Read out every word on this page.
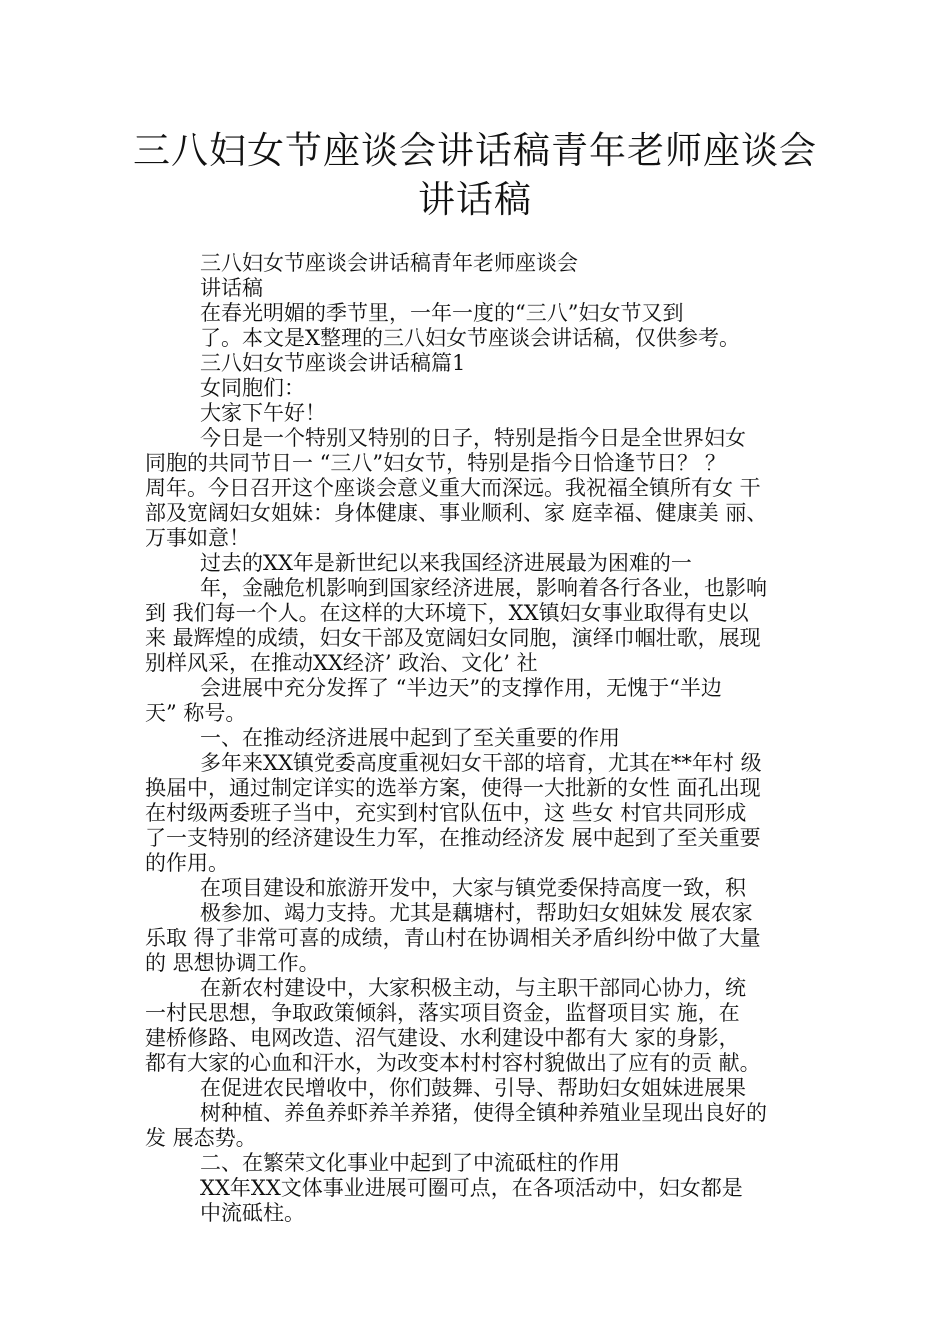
三八妇女节座谈会讲话稿青年老师座谈会
讲话稿
三八妇女节座谈会讲话稿青年老师座谈会
讲话稿
在春光明媚的季节里，一年一度的“三八”妇女节又到
了。本文是X整理的三八妇女节座谈会讲话稿，仅供参考。
三八妇女节座谈会讲话稿篇1
女同胞们：
大家下午好！
今日是一个特别又特别的日子，特别是指今日是全世界妇女
同胞的共同节日一 “三八”妇女节，特别是指今日恰逢节日？ ？
周年。今日召开这个座谈会意义重大而深远。我祝福全镇所有女 干
部及宽阔妇女姐妹：身体健康、事业顺利、家 庭幸福、健康美 丽、
万事如意！
过去的XX年是新世纪以来我国经济进展最为困难的一
年，金融危机影响到国家经济进展，影响着各行各业，也影响
到 我们每一个人。在这样的大环境下，XX镇妇女事业取得有史以
来 最辉煌的成绩，妇女干部及宽阔妇女同胞，演绎巾帼壮歌，展现
别样风采，在推动XX经济’ 政治、文化’ 社
会进展中充分发挥了 “半边天”的支撑作用，无愧于“半边
天” 称号。
一、在推动经济进展中起到了至关重要的作用
多年来XX镇党委高度重视妇女干部的培育，尤其在**年村 级
换届中，通过制定详实的选举方案，使得一大批新的女性 面孔出现
在村级两委班子当中，充实到村官队伍中，这 些女 村官共同形成
了一支特别的经济建设生力军，在推动经济发 展中起到了至关重要
的作用。
在项目建设和旅游开发中，大家与镇党委保持高度一致，积
极参加、竭力支持。尤其是藕塘村，帮助妇女姐妹发 展农家
乐取 得了非常可喜的成绩，青山村在协调相关矛盾纠纷中做了大量
的 思想协调工作。
在新农村建设中，大家积极主动，与主职干部同心协力，统
一村民思想，争取政策倾斜，落实项目资金，监督项目实 施，在
建桥修路、电网改造、沼气建设、水利建设中都有大 家的身影，
都有大家的心血和汗水，为改变本村村容村貌做出了应有的贡 献。
在促进农民增收中，你们鼓舞、引导、帮助妇女姐妹进展果
树种植、养鱼养虾养羊养猪，使得全镇种养殖业呈现出良好的
发 展态势。
二、在繁荣文化事业中起到了中流砥柱的作用
XX年XX文体事业进展可圈可点，在各项活动中，妇女都是
中流砥柱。
